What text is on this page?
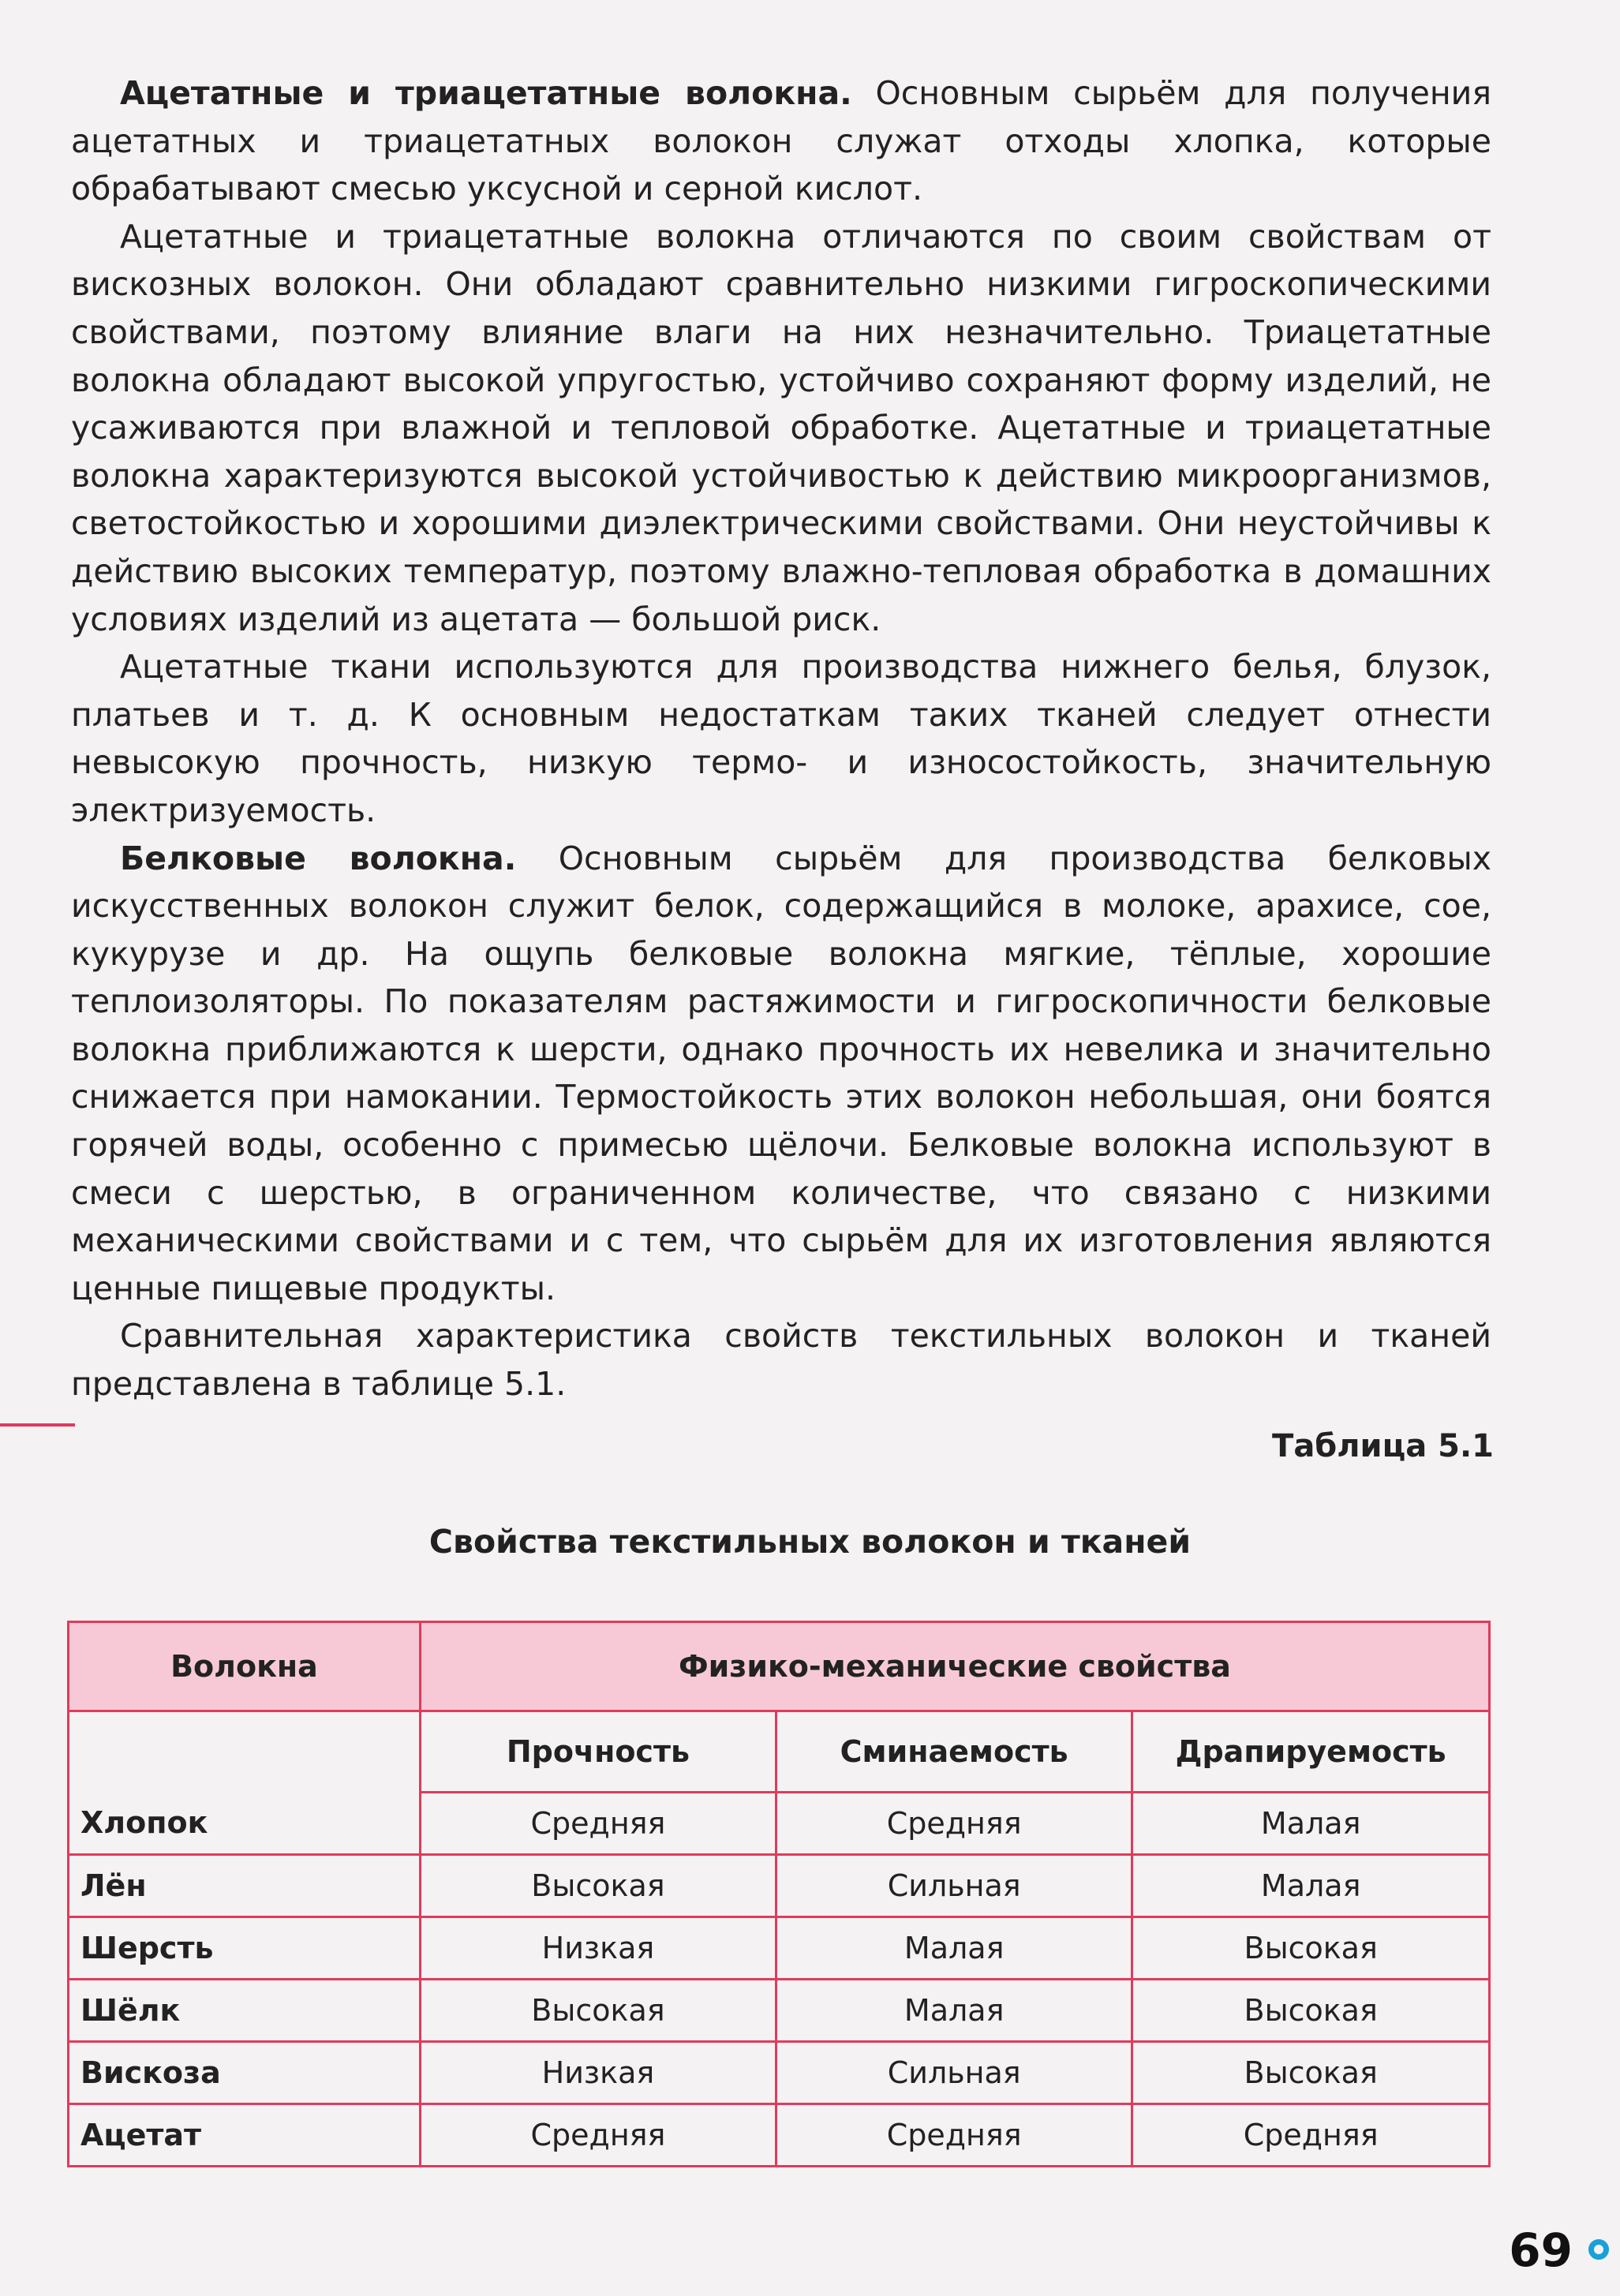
Ацетатные и триацетатные волокна. Основным сырьём для получения ацетатных и триацетатных волокон служат отходы хлопка, которые обрабатывают смесью уксусной и серной кислот.

Ацетатные и триацетатные волокна отличаются по своим свойствам от вискозных волокон. Они обладают сравнительно низкими гигроскопическими свойствами, поэтому влияние влаги на них незначительно. Триацетатные волокна обладают высокой упругостью, устойчиво сохраняют форму изделий, не усаживаются при влажной и тепловой обработке. Ацетатные и триацетатные волокна характеризуются высокой устойчивостью к действию микроорганизмов, светостойкостью и хорошими диэлектрическими свойствами. Они неустойчивы к действию высоких температур, поэтому влажно-тепловая обработка в домашних условиях изделий из ацетата — большой риск.

Ацетатные ткани используются для производства нижнего белья, блузок, платьев и т. д. К основным недостаткам таких тканей следует отнести невысокую прочность, низкую термо- и износостойкость, значительную электризуемость.

Белковые волокна. Основным сырьём для производства белковых искусственных волокон служит белок, содержащийся в молоке, арахисе, сое, кукурузе и др. На ощупь белковые волокна мягкие, тёплые, хорошие теплоизоляторы. По показателям растяжимости и гигроскопичности белковые волокна приближаются к шерсти, однако прочность их невелика и значительно снижается при намокании. Термостойкость этих волокон небольшая, они боятся горячей воды, особенно с примесью щёлочи. Белковые волокна используют в смеси с шерстью, в ограниченном количестве, что связано с низкими механическими свойствами и с тем, что сырьём для их изготовления являются ценные пищевые продукты.

Сравнительная характеристика свойств текстильных волокон и тканей представлена в таблице 5.1.

Таблица 5.1
Свойства текстильных волокон и тканей
Волокна	Физико-механические свойства		
	Прочность	Сминаемость	Драпируемость
Хлопок	Средняя	Средняя	Малая
Лён	Высокая	Сильная	Малая
Шерсть	Низкая	Малая	Высокая
Шёлк	Высокая	Малая	Высокая
Вискоза	Низкая	Сильная	Высокая
Ацетат	Средняя	Средняя	Средняя
69
